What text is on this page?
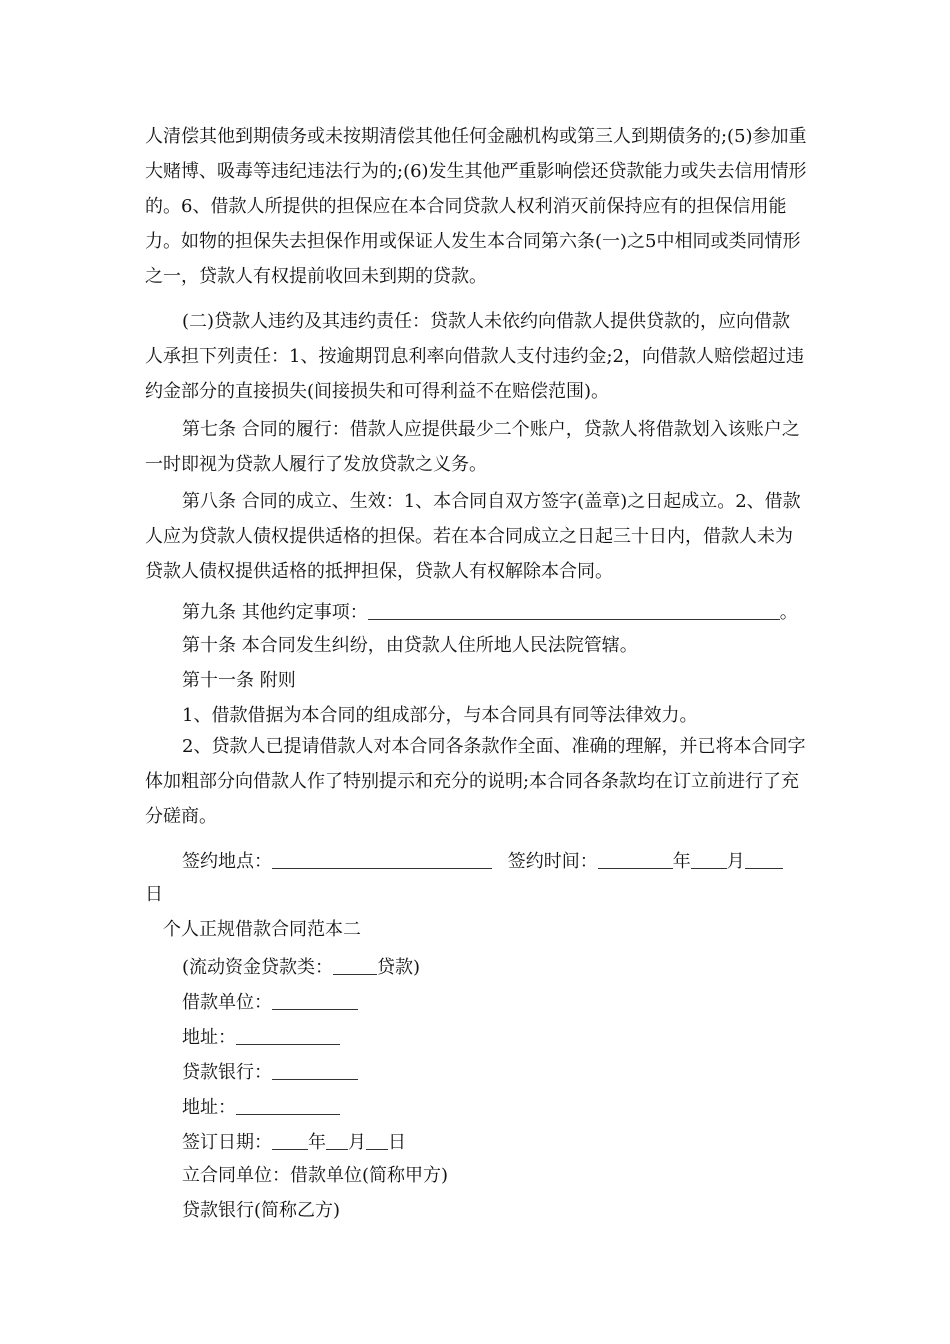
人清偿其他到期债务或未按期清偿其他任何金融机构或第三人到期债务的;(5)参加重大赌博、吸毒等违纪违法行为的;(6)发生其他严重影响偿还贷款能力或失去信用情形的。6、借款人所提供的担保应在本合同贷款人权利消灭前保持应有的担保信用能力。如物的担保失去担保作用或保证人发生本合同第六条(一)之5中相同或类同情形之一，贷款人有权提前收回未到期的贷款。

(二)贷款人违约及其违约责任：贷款人未依约向借款人提供贷款的，应向借款人承担下列责任：1、按逾期罚息利率向借款人支付违约金;2，向借款人赔偿超过违约金部分的直接损失(间接损失和可得利益不在赔偿范围)。

第七条 合同的履行：借款人应提供最少二个账户，贷款人将借款划入该账户之一时即视为贷款人履行了发放贷款之义务。

第八条 合同的成立、生效：1、本合同自双方签字(盖章)之日起成立。2、借款人应为贷款人债权提供适格的担保。若在本合同成立之日起三十日内，借款人未为贷款人债权提供适格的抵押担保，贷款人有权解除本合同。

第九条 其他约定事项：	。
第十条 本合同发生纠纷，由贷款人住所地人民法院管辖。
第十一条 附则
1、借款借据为本合同的组成部分，与本合同具有同等法律效力。

2、贷款人已提请借款人对本合同各条款作全面、准确的理解，并已将本合同字体加粗部分向借款人作了特别提示和充分的说明;本合同各条款均在订立前进行了充分磋商。

签约地点：	签约时间：	年 月
日
个人正规借款合同范本二
(流动资金贷款类： 贷款)
借款单位：
地址：
贷款银行：
地址：
签订日期： 年 月 日
立合同单位：借款单位(简称甲方)
贷款银行(简称乙方)
